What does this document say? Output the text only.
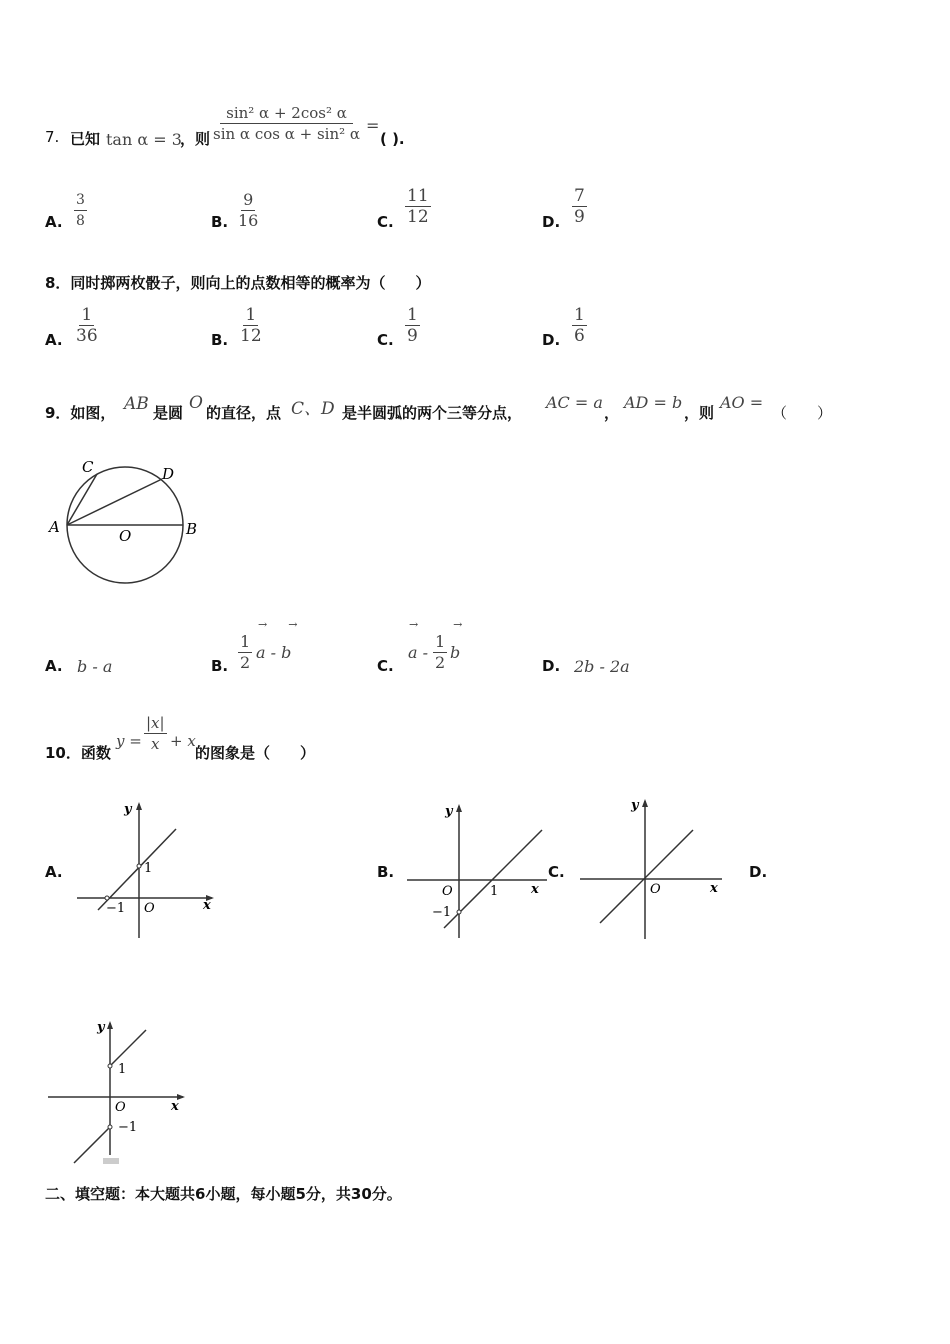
7. 已知 tan α = 3
，则 $\frac{\text{sin² α + 2cos² α}}{\text{sin α cos α + sin² α}}$ =
( ).
A. $\frac{3}{8}$	B. $\frac{9}{16}$	C. $\frac{11}{12}$	D. $\frac{7}{9}$
8．同时掷两枚骰子，则向上的点数相等的概率为（　　）
A. $\frac{1}{36}$	B. $\frac{1}{12}$	C. $\frac{1}{9}$	D. $\frac{1}{6}$
9．如图， AB 是圆 O 的直径，点 C、D 是半圆弧的两个三等分点，
AC = a
，
AD = b
，则
AO =
（　　）
A	B
C	D
O
A. b - a	B. $\frac{1}{2}$ a - b
→      →
C.
a - $\frac{1}{2}$ b
→          →
D. 2b - 2a
10．函数
$y = \frac{|x|}{x} + x$
的图象是（　　）
A.
y
x
O
1
−1
B.
y
x
O	1
−1
C.
y
x
O
D.
y
x
O
1
−1
二、填空题：本大题共6小题，每小题5分，共30分。
